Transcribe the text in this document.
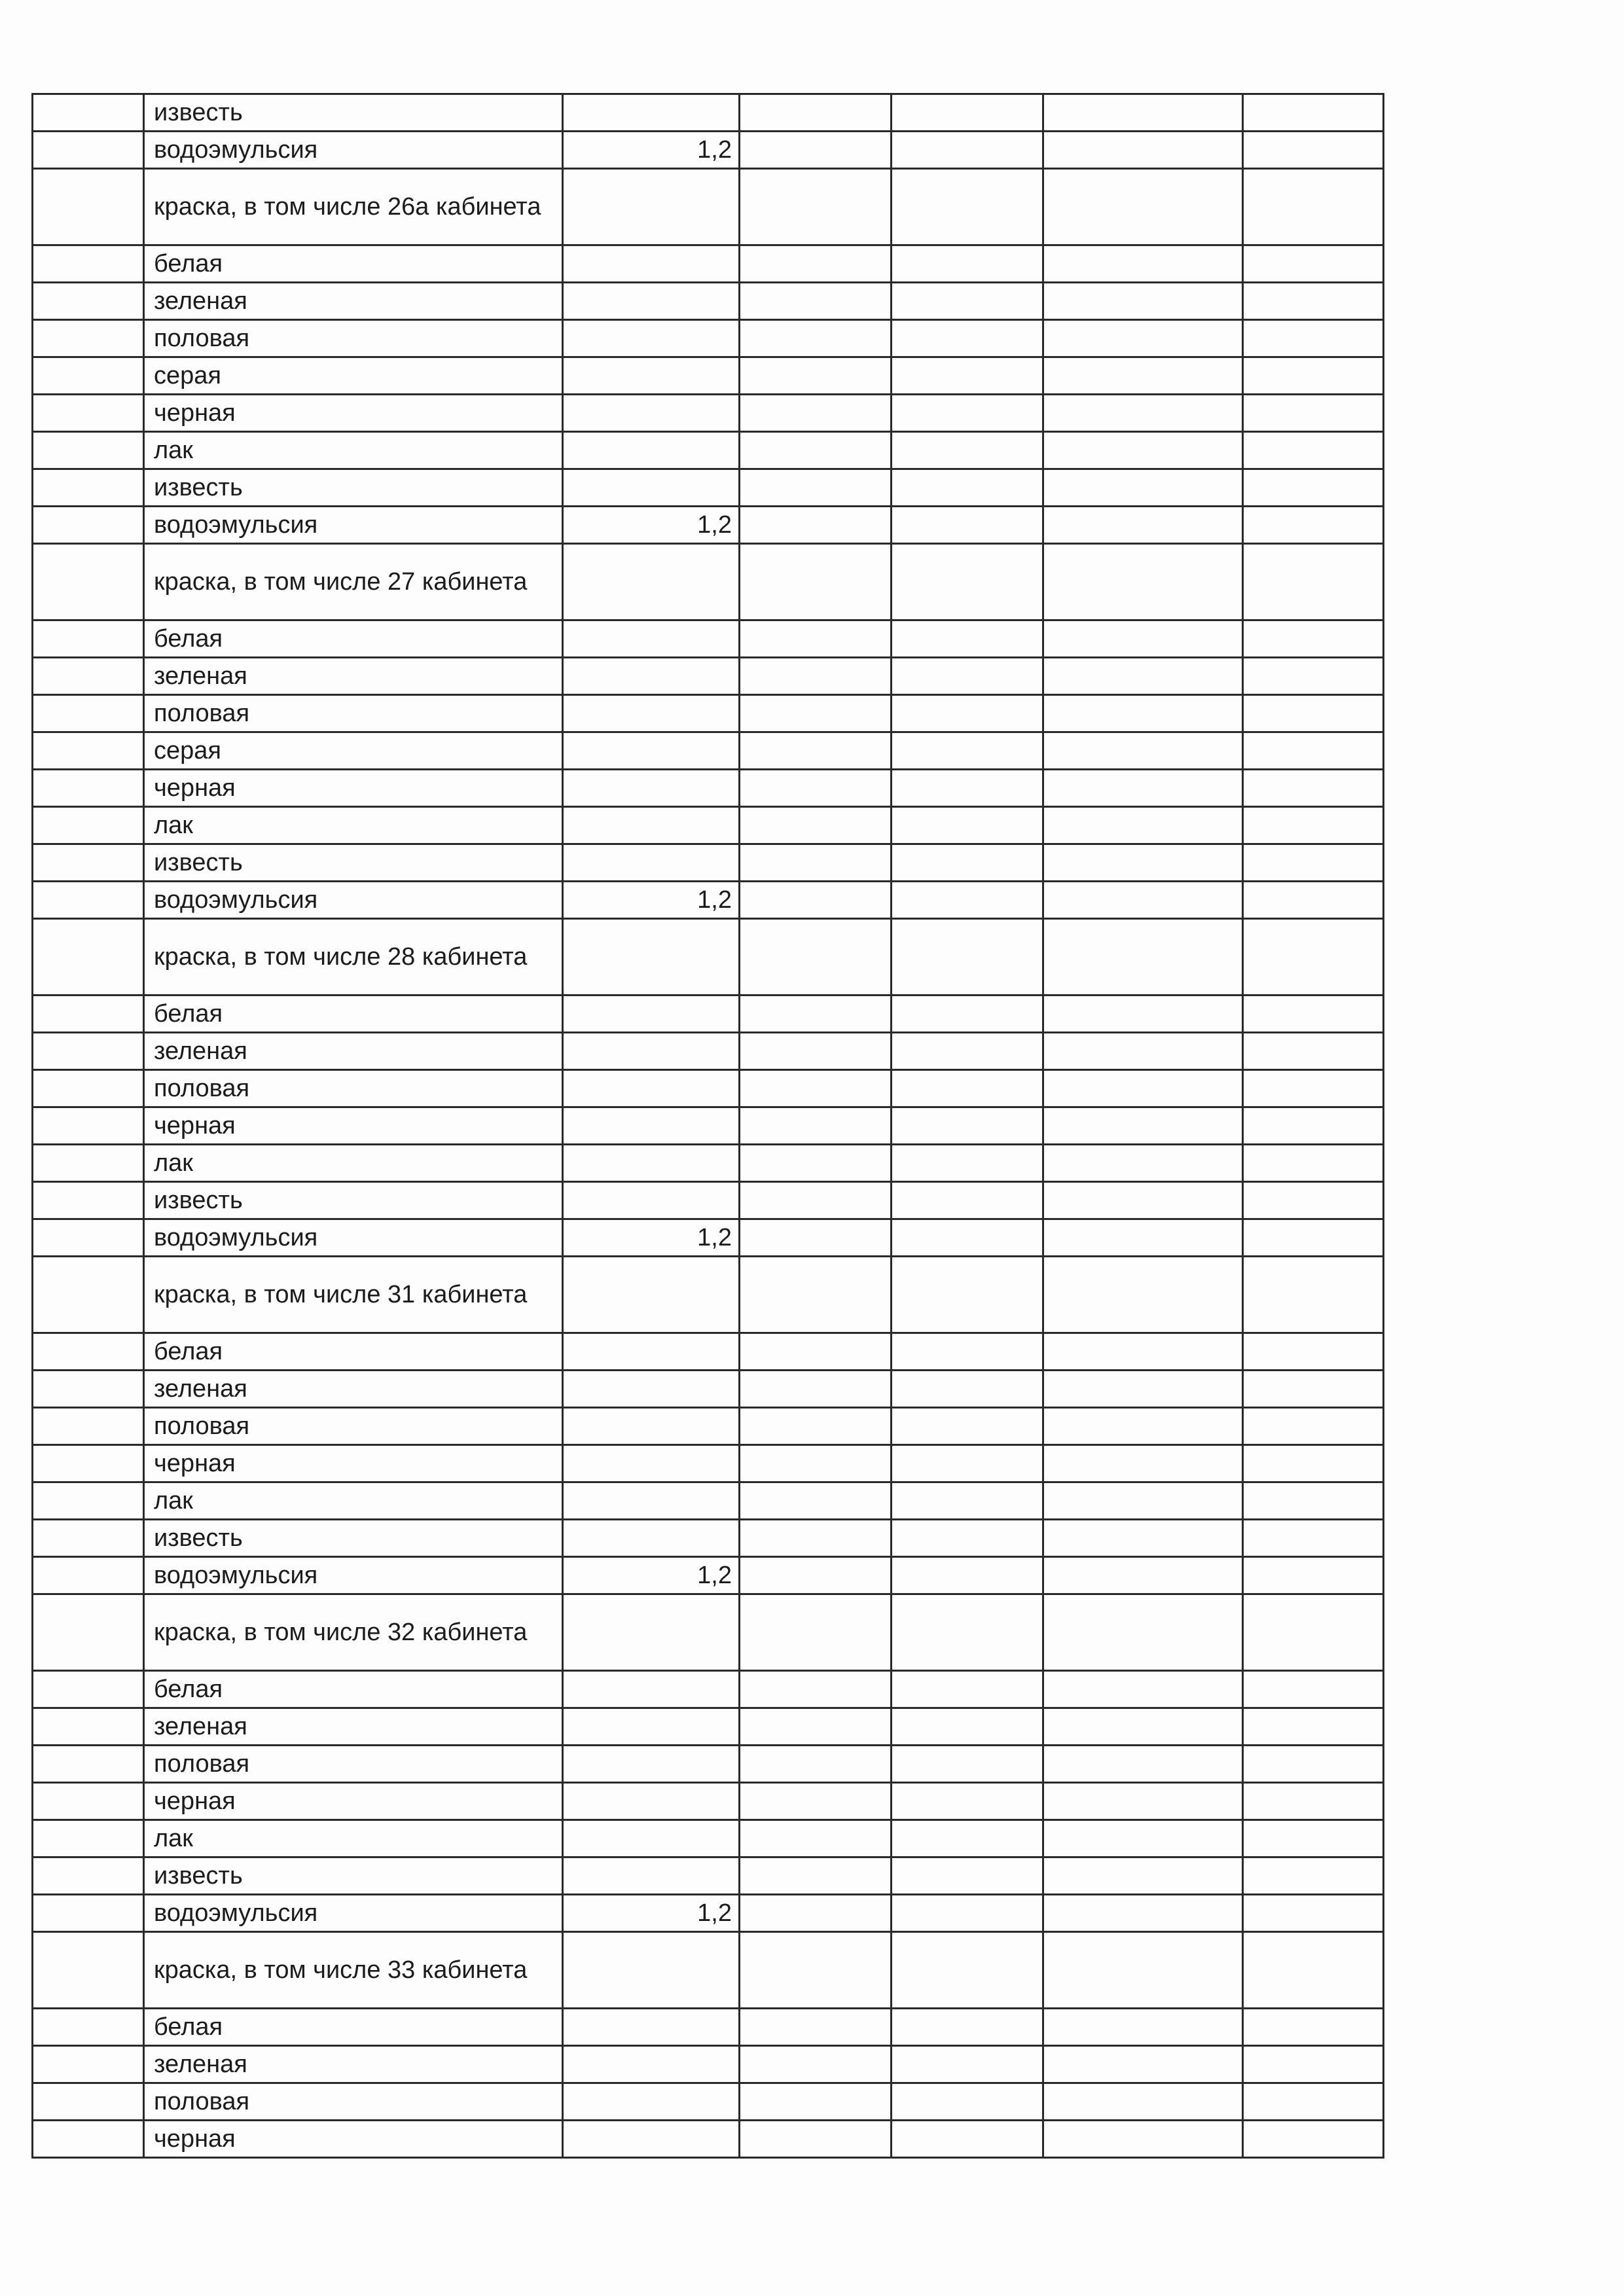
	известь					
	водоэмульсия	1,2				
	краска, в том числе 26а кабинета					
	белая					
	зеленая					
	половая					
	серая					
	черная					
	лак					
	известь					
	водоэмульсия	1,2				
	краска, в том числе 27 кабинета					
	белая					
	зеленая					
	половая					
	серая					
	черная					
	лак					
	известь					
	водоэмульсия	1,2				
	краска, в том числе 28 кабинета					
	белая					
	зеленая					
	половая					
	черная					
	лак					
	известь					
	водоэмульсия	1,2				
	краска, в том числе 31 кабинета					
	белая					
	зеленая					
	половая					
	черная					
	лак					
	известь					
	водоэмульсия	1,2				
	краска, в том числе 32 кабинета					
	белая					
	зеленая					
	половая					
	черная					
	лак					
	известь					
	водоэмульсия	1,2				
	краска, в том числе 33 кабинета					
	белая					
	зеленая					
	половая					
	черная					
